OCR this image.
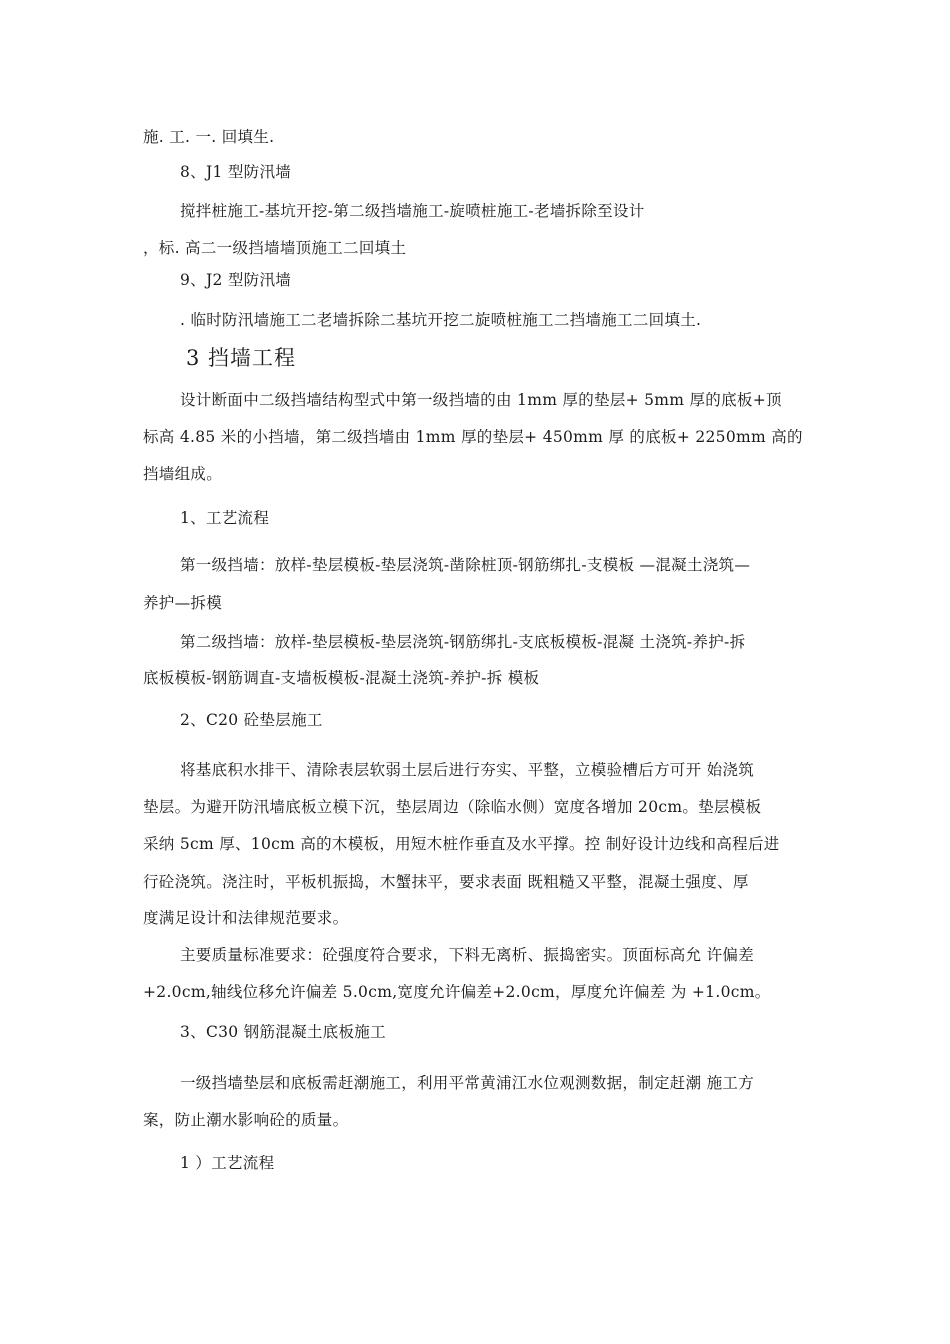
施. 工. 一. 回填生.
8、J1 型防汛墙
搅拌桩施工-基坑开挖-第二级挡墙施工-旋喷桩施工-老墙拆除至设计
，标. 高二一级挡墙墙顶施工二回填土
9、J2 型防汛墙
. 临时防汛墙施工二老墙拆除二基坑开挖二旋喷桩施工二挡墙施工二回填土.
3 挡墙工程
设计断面中二级挡墙结构型式中第一级挡墙的由 1mm 厚的垫层+ 5mm 厚的底板+顶
标高 4.85 米的小挡墙，第二级挡墙由 1mm 厚的垫层+ 450mm 厚 的底板+ 2250mm 高的
挡墙组成。
1、工艺流程
第一级挡墙：放样-垫层模板-垫层浇筑-凿除桩顶-钢筋绑扎-支模板 —混凝土浇筑—
养护—拆模
第二级挡墙：放样-垫层模板-垫层浇筑-钢筋绑扎-支底板模板-混凝 土浇筑-养护-拆
底板模板-钢筋调直-支墙板模板-混凝土浇筑-养护-拆 模板
2、C20 砼垫层施工
将基底积水排干、清除表层软弱土层后进行夯实、平整，立模验槽后方可开 始浇筑
垫层。为避开防汛墙底板立模下沉，垫层周边（除临水侧）宽度各增加 20cm。垫层模板
采纳 5cm 厚、10cm 高的木模板，用短木桩作垂直及水平撑。控 制好设计边线和高程后进
行砼浇筑。浇注时，平板机振捣，木蟹抹平，要求表面 既粗糙又平整，混凝土强度、厚
度满足设计和法律规范要求。
主要质量标准要求：砼强度符合要求，下料无离析、振捣密实。顶面标高允 许偏差
+2.0cm,轴线位移允许偏差 5.0cm,宽度允许偏差+2.0cm，厚度允许偏差 为 +1.0cm。
3、C30 钢筋混凝土底板施工
一级挡墙垫层和底板需赶潮施工，利用平常黄浦江水位观测数据，制定赶潮 施工方
案，防止潮水影响砼的质量。
1 ）工艺流程
